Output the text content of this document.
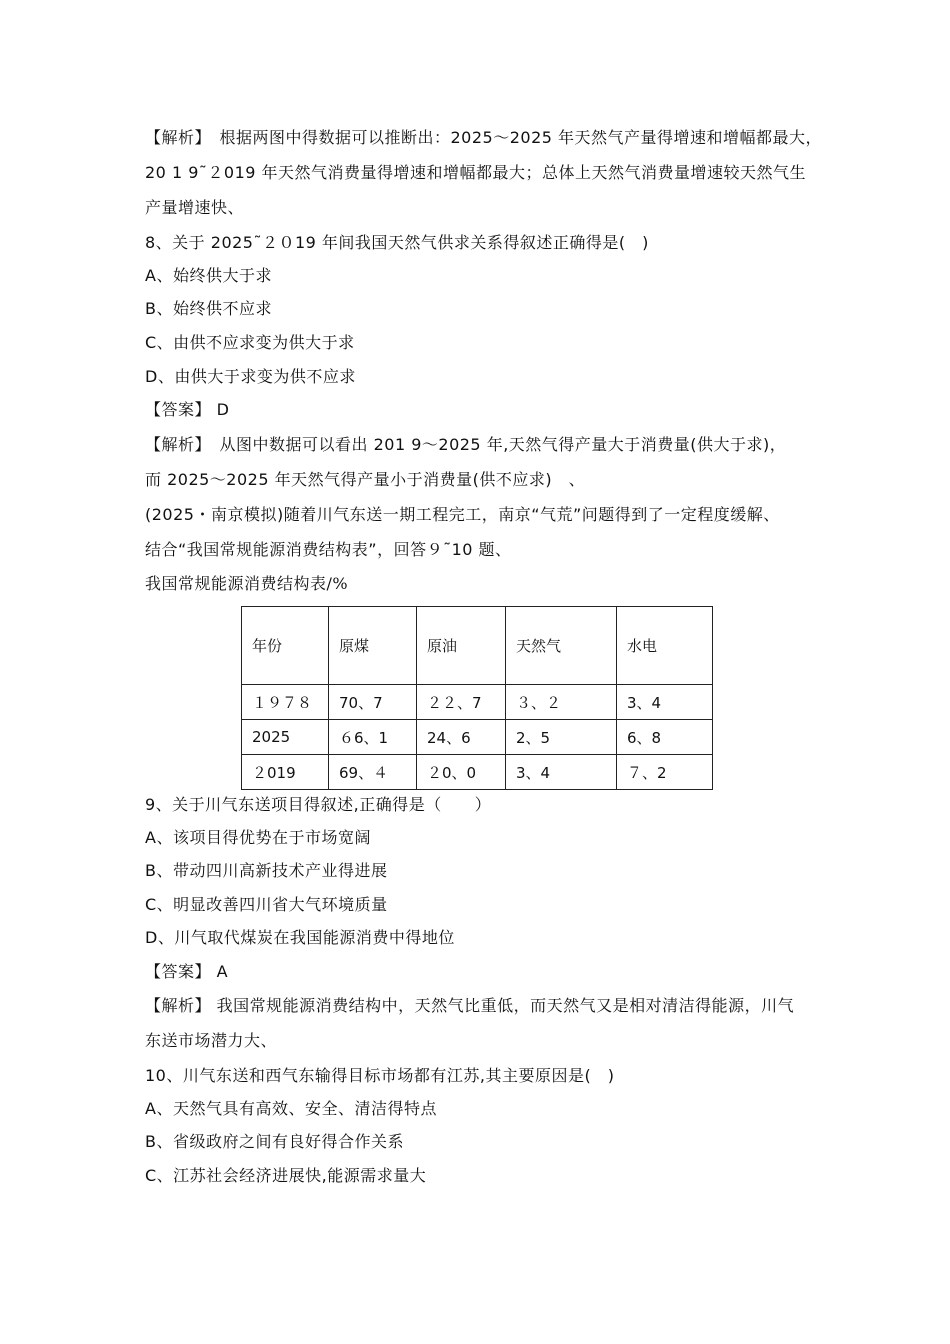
【解析】　根据两图中得数据可以推断出：2025～2025 年天然气产量得增速和增幅都最大，
20 1 9˜２019 年天然气消费量得增速和增幅都最大；总体上天然气消费量增速较天然气生
产量增速快、
8、关于 2025˜２０19 年间我国天然气供求关系得叙述正确得是(　)
A、始终供大于求
B、始终供不应求
C、由供不应求变为供大于求
D、由供大于求变为供不应求
【答案】 D
【解析】　从图中数据可以看出 201 9～2025 年,天然气得产量大于消费量(供大于求)，
而 2025～2025 年天然气得产量小于消费量(供不应求)　、
(2025・南京模拟)随着川气东送一期工程完工，南京“气荒”问题得到了一定程度缓解、
结合“我国常规能源消费结构表”，回答９˜10 题、
我国常规能源消费结构表/%
年份	原煤	原油	天然气	水电
１９７８	70、7	２２、7	３、２	3、4
2025	６6、1	24、6	2、5	6、8
２019	69、４	２0、0	3、4	７、2
9、关于川气东送项目得叙述,正确得是（　　）
A、该项目得优势在于市场宽阔
B、带动四川高新技术产业得进展
C、明显改善四川省大气环境质量
D、川气取代煤炭在我国能源消费中得地位
【答案】 A
【解析】 我国常规能源消费结构中，天然气比重低，而天然气又是相对清洁得能源，川气
东送市场潜力大、
10、川气东送和西气东输得目标市场都有江苏,其主要原因是(　)
A、天然气具有高效、安全、清洁得特点
B、省级政府之间有良好得合作关系
C、江苏社会经济进展快,能源需求量大
